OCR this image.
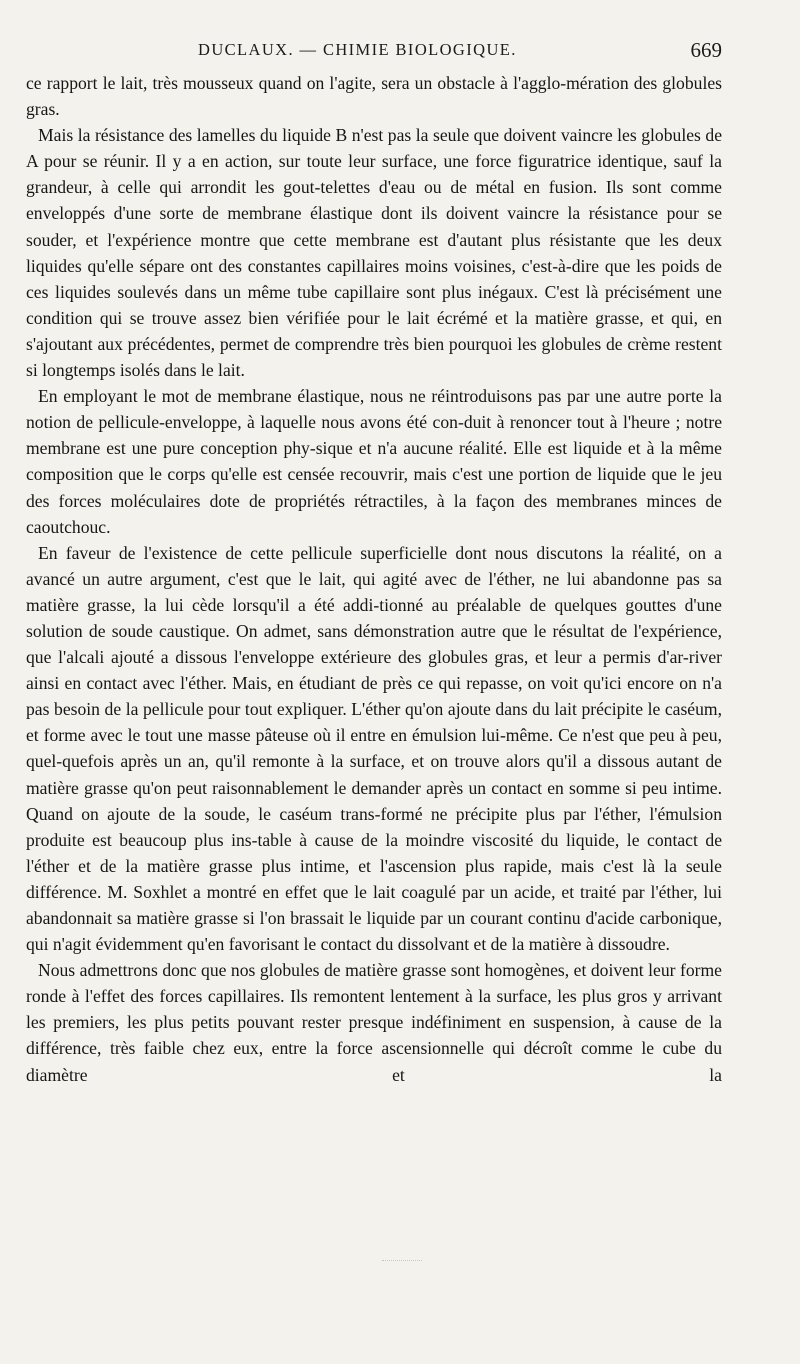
DUCLAUX. — CHIMIE BIOLOGIQUE.	669

ce rapport le lait, très mousseux quand on l'agite, sera un obstacle à l'agglo-mération des globules gras.

Mais la résistance des lamelles du liquide B n'est pas la seule que doivent vaincre les globules de A pour se réunir. Il y a en action, sur toute leur surface, une force figuratrice identique, sauf la grandeur, à celle qui arrondit les gout-telettes d'eau ou de métal en fusion. Ils sont comme enveloppés d'une sorte de membrane élastique dont ils doivent vaincre la résistance pour se souder, et l'expérience montre que cette membrane est d'autant plus résistante que les deux liquides qu'elle sépare ont des constantes capillaires moins voisines, c'est-à-dire que les poids de ces liquides soulevés dans un même tube capillaire sont plus inégaux. C'est là précisément une condition qui se trouve assez bien vérifiée pour le lait écrémé et la matière grasse, et qui, en s'ajoutant aux précédentes, permet de comprendre très bien pourquoi les globules de crème restent si longtemps isolés dans le lait.

En employant le mot de membrane élastique, nous ne réintroduisons pas par une autre porte la notion de pellicule-enveloppe, à laquelle nous avons été con-duit à renoncer tout à l'heure ; notre membrane est une pure conception phy-sique et n'a aucune réalité. Elle est liquide et à la même composition que le corps qu'elle est censée recouvrir, mais c'est une portion de liquide que le jeu des forces moléculaires dote de propriétés rétractiles, à la façon des membranes minces de caoutchouc.

En faveur de l'existence de cette pellicule superficielle dont nous discutons la réalité, on a avancé un autre argument, c'est que le lait, qui agité avec de l'éther, ne lui abandonne pas sa matière grasse, la lui cède lorsqu'il a été addi-tionné au préalable de quelques gouttes d'une solution de soude caustique. On admet, sans démonstration autre que le résultat de l'expérience, que l'alcali ajouté a dissous l'enveloppe extérieure des globules gras, et leur a permis d'ar-river ainsi en contact avec l'éther. Mais, en étudiant de près ce qui repasse, on voit qu'ici encore on n'a pas besoin de la pellicule pour tout expliquer. L'éther qu'on ajoute dans du lait précipite le caséum, et forme avec le tout une masse pâteuse où il entre en émulsion lui-même. Ce n'est que peu à peu, quel-quefois après un an, qu'il remonte à la surface, et on trouve alors qu'il a dissous autant de matière grasse qu'on peut raisonnablement le demander après un contact en somme si peu intime. Quand on ajoute de la soude, le caséum trans-formé ne précipite plus par l'éther, l'émulsion produite est beaucoup plus ins-table à cause de la moindre viscosité du liquide, le contact de l'éther et de la matière grasse plus intime, et l'ascension plus rapide, mais c'est là la seule différence. M. Soxhlet a montré en effet que le lait coagulé par un acide, et traité par l'éther, lui abandonnait sa matière grasse si l'on brassait le liquide par un courant continu d'acide carbonique, qui n'agit évidemment qu'en favorisant le contact du dissolvant et de la matière à dissoudre.

Nous admettrons donc que nos globules de matière grasse sont homogènes, et doivent leur forme ronde à l'effet des forces capillaires. Ils remontent lentement à la surface, les plus gros y arrivant les premiers, les plus petits pouvant rester presque indéfiniment en suspension, à cause de la différence, très faible chez eux, entre la force ascensionnelle qui décroît comme le cube du diamètre et la
